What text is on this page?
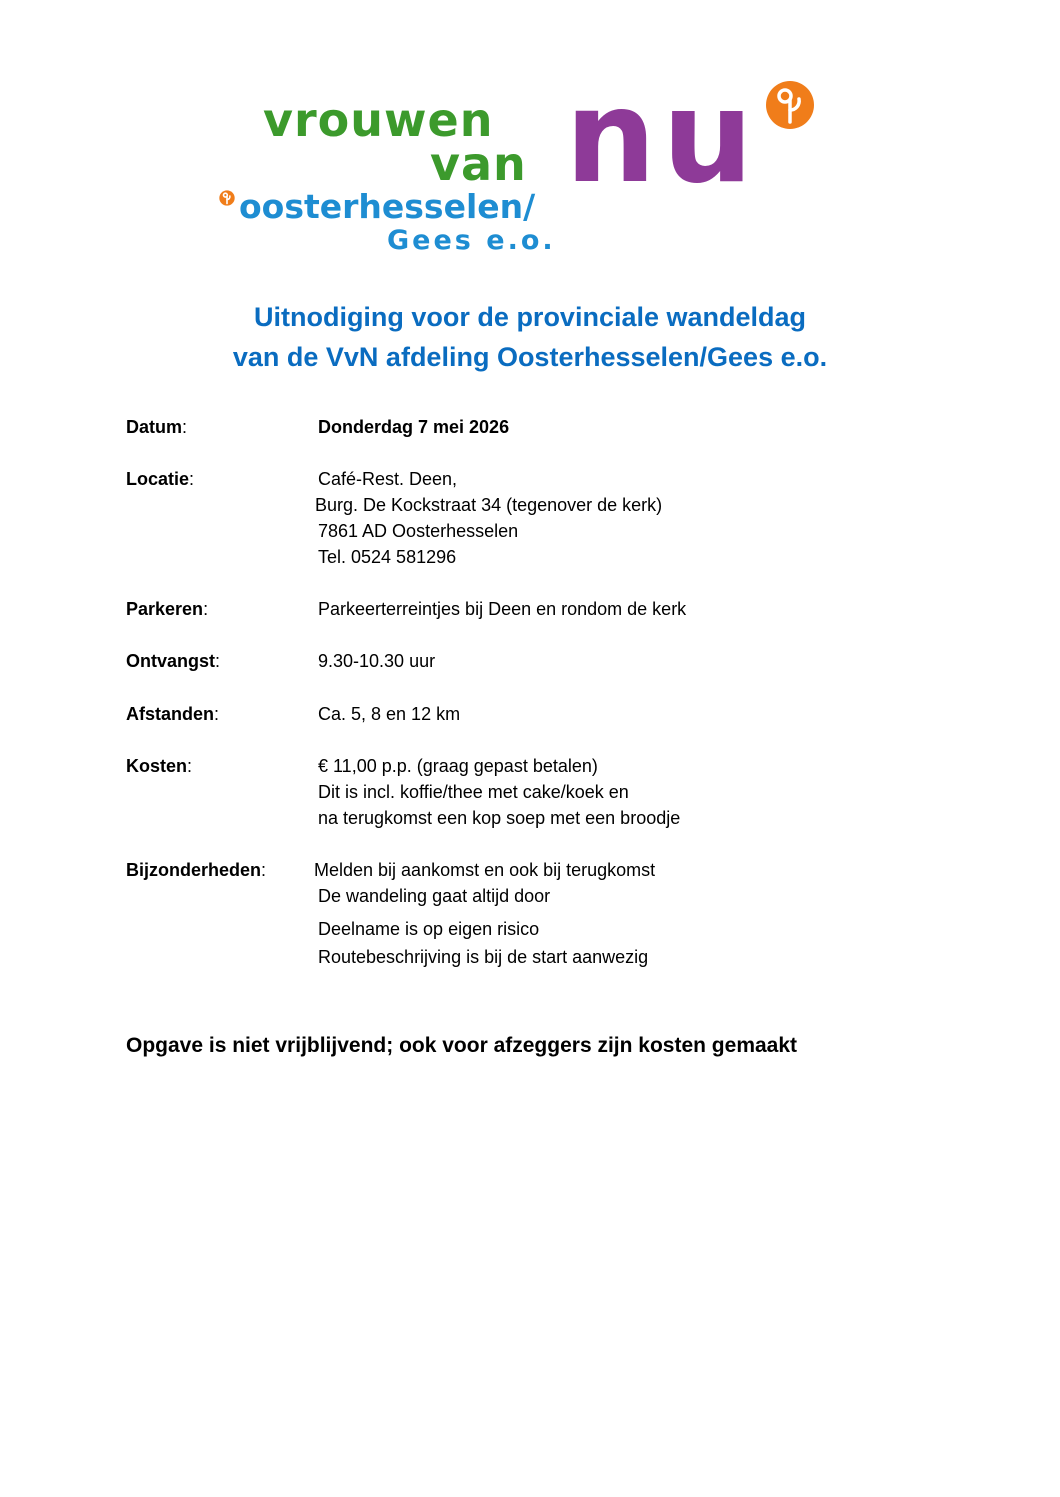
vrouwen
van nu
oosterhesselen/
Gees e.o.
Uitnodiging voor de provinciale wandeldag
van de VvN afdeling Oosterhesselen/Gees e.o.
Datum:	Donderdag 7 mei 2026
Locatie:	Café-Rest. Deen,
Burg. De Kockstraat 34 (tegenover de kerk)
7861 AD Oosterhesselen
Tel. 0524 581296
Parkeren:	Parkeerterreintjes bij Deen en rondom de kerk
Ontvangst:	9.30-10.30 uur
Afstanden:	Ca. 5, 8 en 12 km
Kosten:	€ 11,00 p.p. (graag gepast betalen)
Dit is incl. koffie/thee met cake/koek en
na terugkomst een kop soep met een broodje
Bijzonderheden:	Melden bij aankomst en ook bij terugkomst
De wandeling gaat altijd door
Deelname is op eigen risico
Routebeschrijving is bij de start aanwezig
Opgave is niet vrijblijvend; ook voor afzeggers zijn kosten gemaakt
